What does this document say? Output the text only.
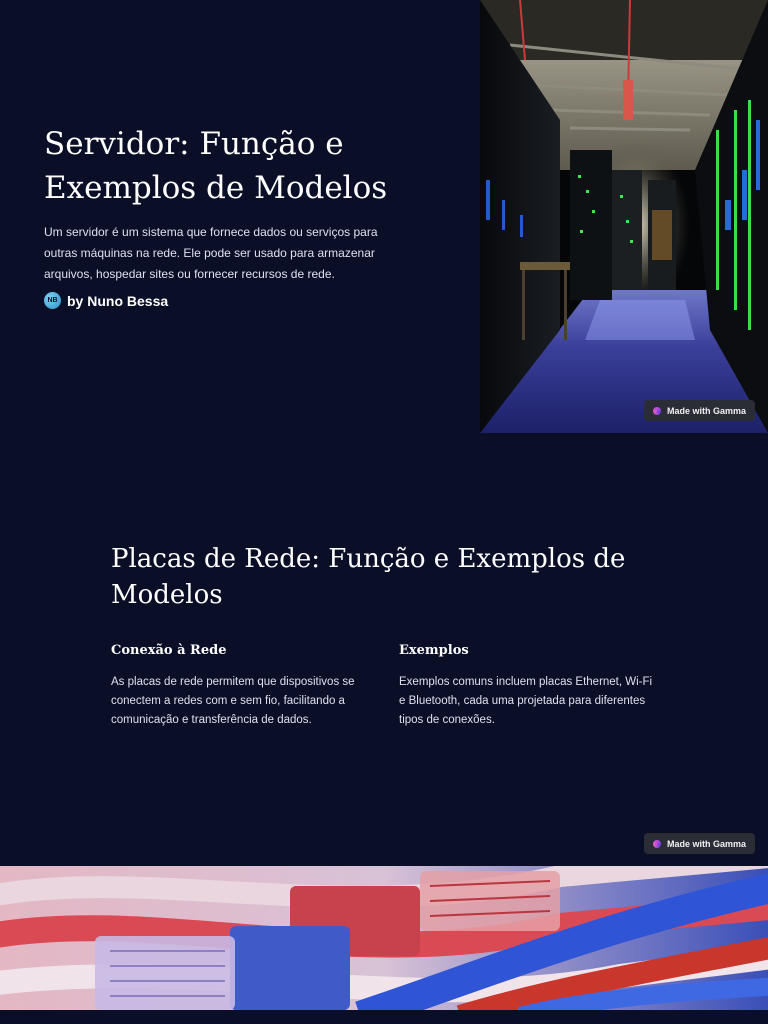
Servidor: Função e Exemplos de Modelos

Um servidor é um sistema que fornece dados ou serviços para outras máquinas na rede. Ele pode ser usado para armazenar arquivos, hospedar sites ou fornecer recursos de rede.

NB by Nuno Bessa
Made with Gamma
Placas de Rede: Função e Exemplos de Modelos
Conexão à Rede

As placas de rede permitem que dispositivos se conectem a redes com e sem fio, facilitando a comunicação e transferência de dados.

Exemplos

Exemplos comuns incluem placas Ethernet, Wi-Fi e Bluetooth, cada uma projetada para diferentes tipos de conexões.

Made with Gamma
